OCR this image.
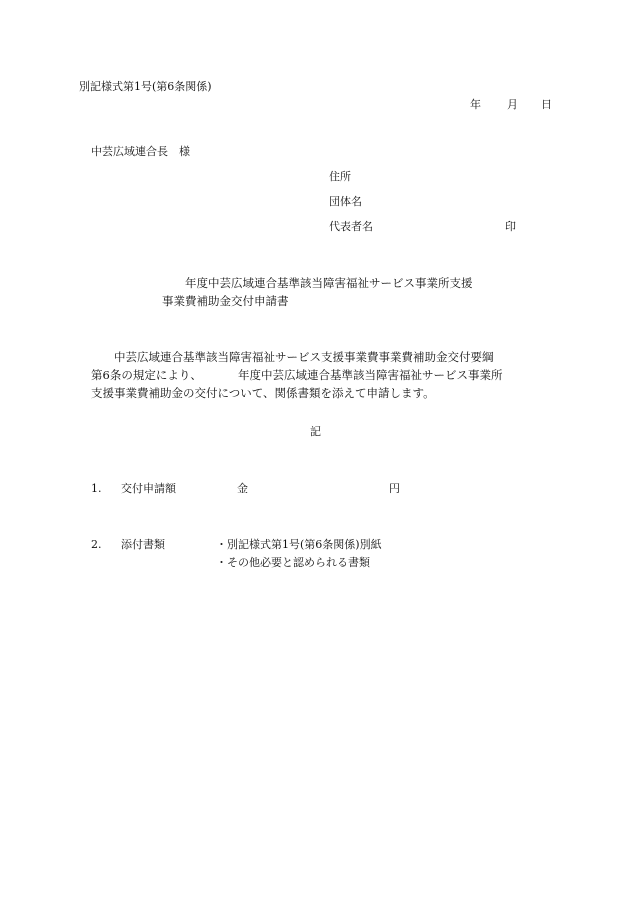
別記様式第1号(第6条関係)
年 月 日
中芸広域連合長　様
住所
団体名
代表者名	印
年度中芸広域連合基準該当障害福祉サービス事業所支援
事業費補助金交付申請書
中芸広域連合基準該当障害福祉サービス支援事業費事業費補助金交付要綱
第6条の規定により、	年度中芸広域連合基準該当障害福祉サービス事業所
支援事業費補助金の交付について、関係書類を添えて申請します。
記
1. 交付申請額	金	円
2. 添付書類	・別記様式第1号(第6条関係)別紙
・その他必要と認められる書類
